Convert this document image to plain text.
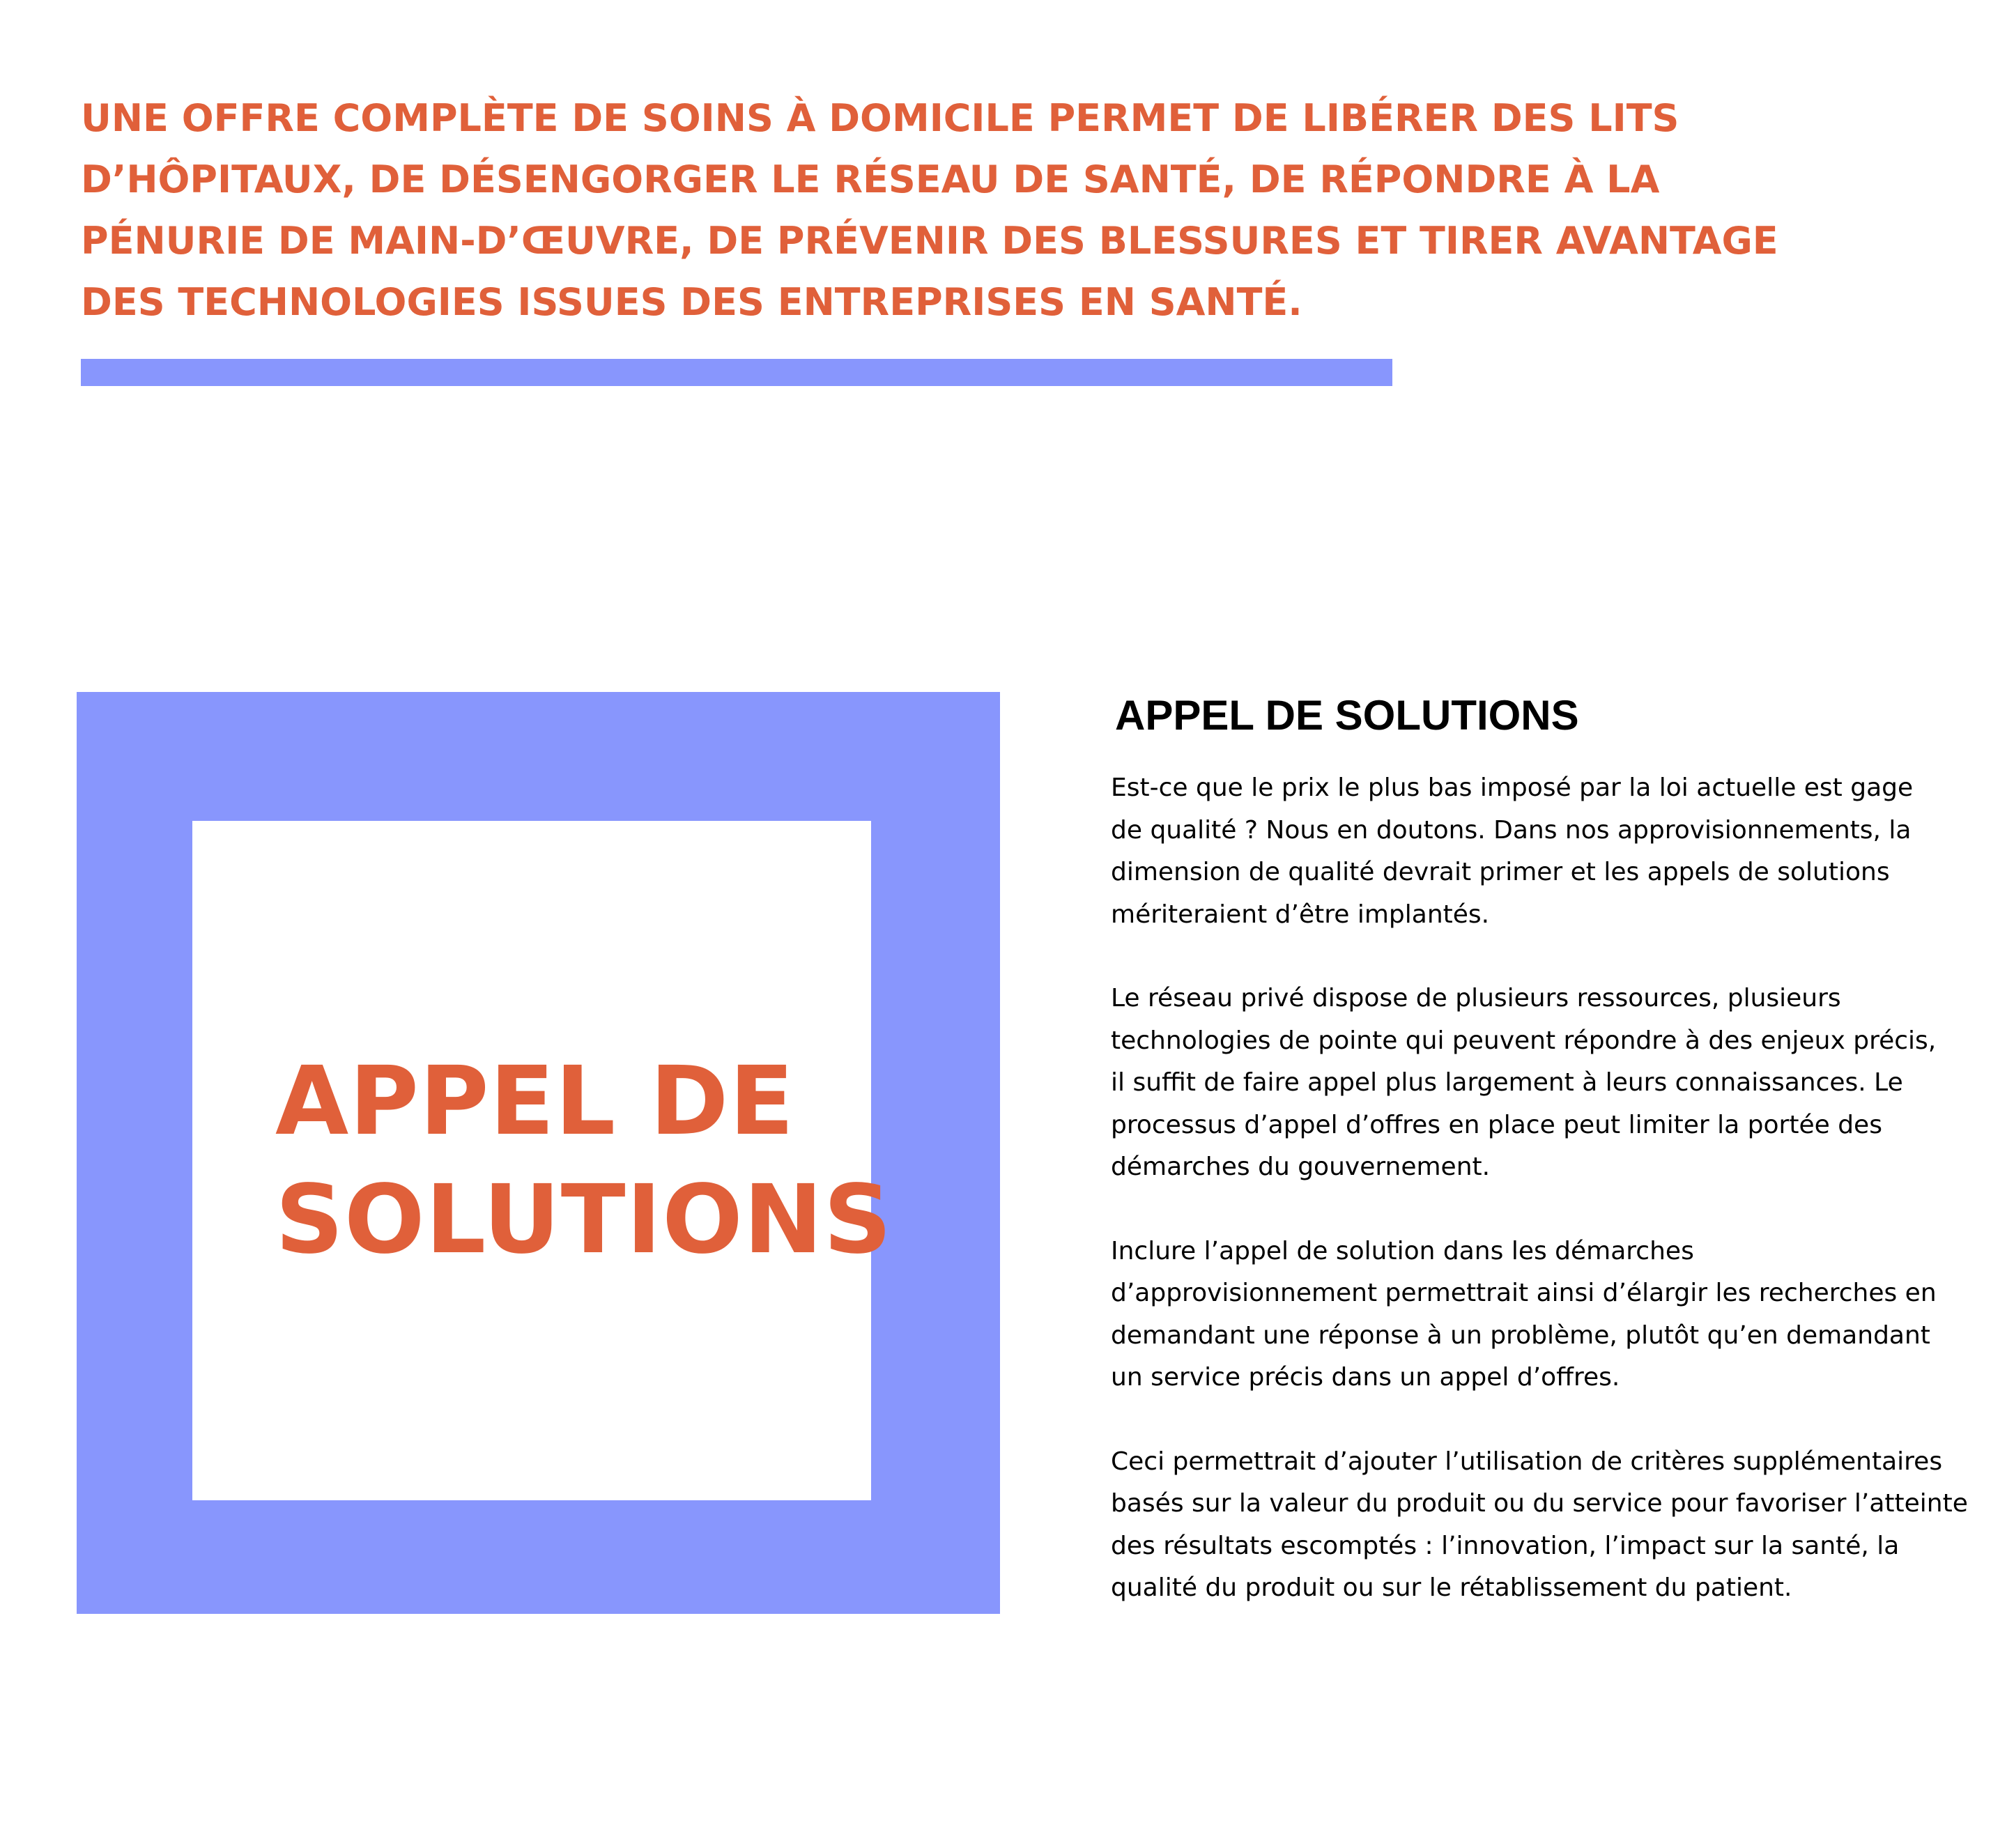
UNE OFFRE COMPLÈTE DE SOINS À DOMICILE PERMET DE LIBÉRER DES LITS
D’HÔPITAUX, DE DÉSENGORGER LE RÉSEAU DE SANTÉ, DE RÉPONDRE À LA
PÉNURIE DE MAIN-D’ŒUVRE, DE PRÉVENIR DES BLESSURES ET TIRER AVANTAGE
DES TECHNOLOGIES ISSUES DES ENTREPRISES EN SANTÉ.

APPEL DE
SOLUTIONS
APPEL DE SOLUTIONS

Est-ce que le prix le plus bas imposé par la loi actuelle est gage
de qualité ? Nous en doutons. Dans nos approvisionnements, la
dimension de qualité devrait primer et les appels de solutions
mériteraient d’être implantés.

Le réseau privé dispose de plusieurs ressources, plusieurs
technologies de pointe qui peuvent répondre à des enjeux précis,
il suffit de faire appel plus largement à leurs connaissances. Le
processus d’appel d’offres en place peut limiter la portée des
démarches du gouvernement.

Inclure l’appel de solution dans les démarches
d’approvisionnement permettrait ainsi d’élargir les recherches en
demandant une réponse à un problème, plutôt qu’en demandant
un service précis dans un appel d’offres.

Ceci permettrait d’ajouter l’utilisation de critères supplémentaires
basés sur la valeur du produit ou du service pour favoriser l’atteinte
des résultats escomptés : l’innovation, l’impact sur la santé, la
qualité du produit ou sur le rétablissement du patient.
